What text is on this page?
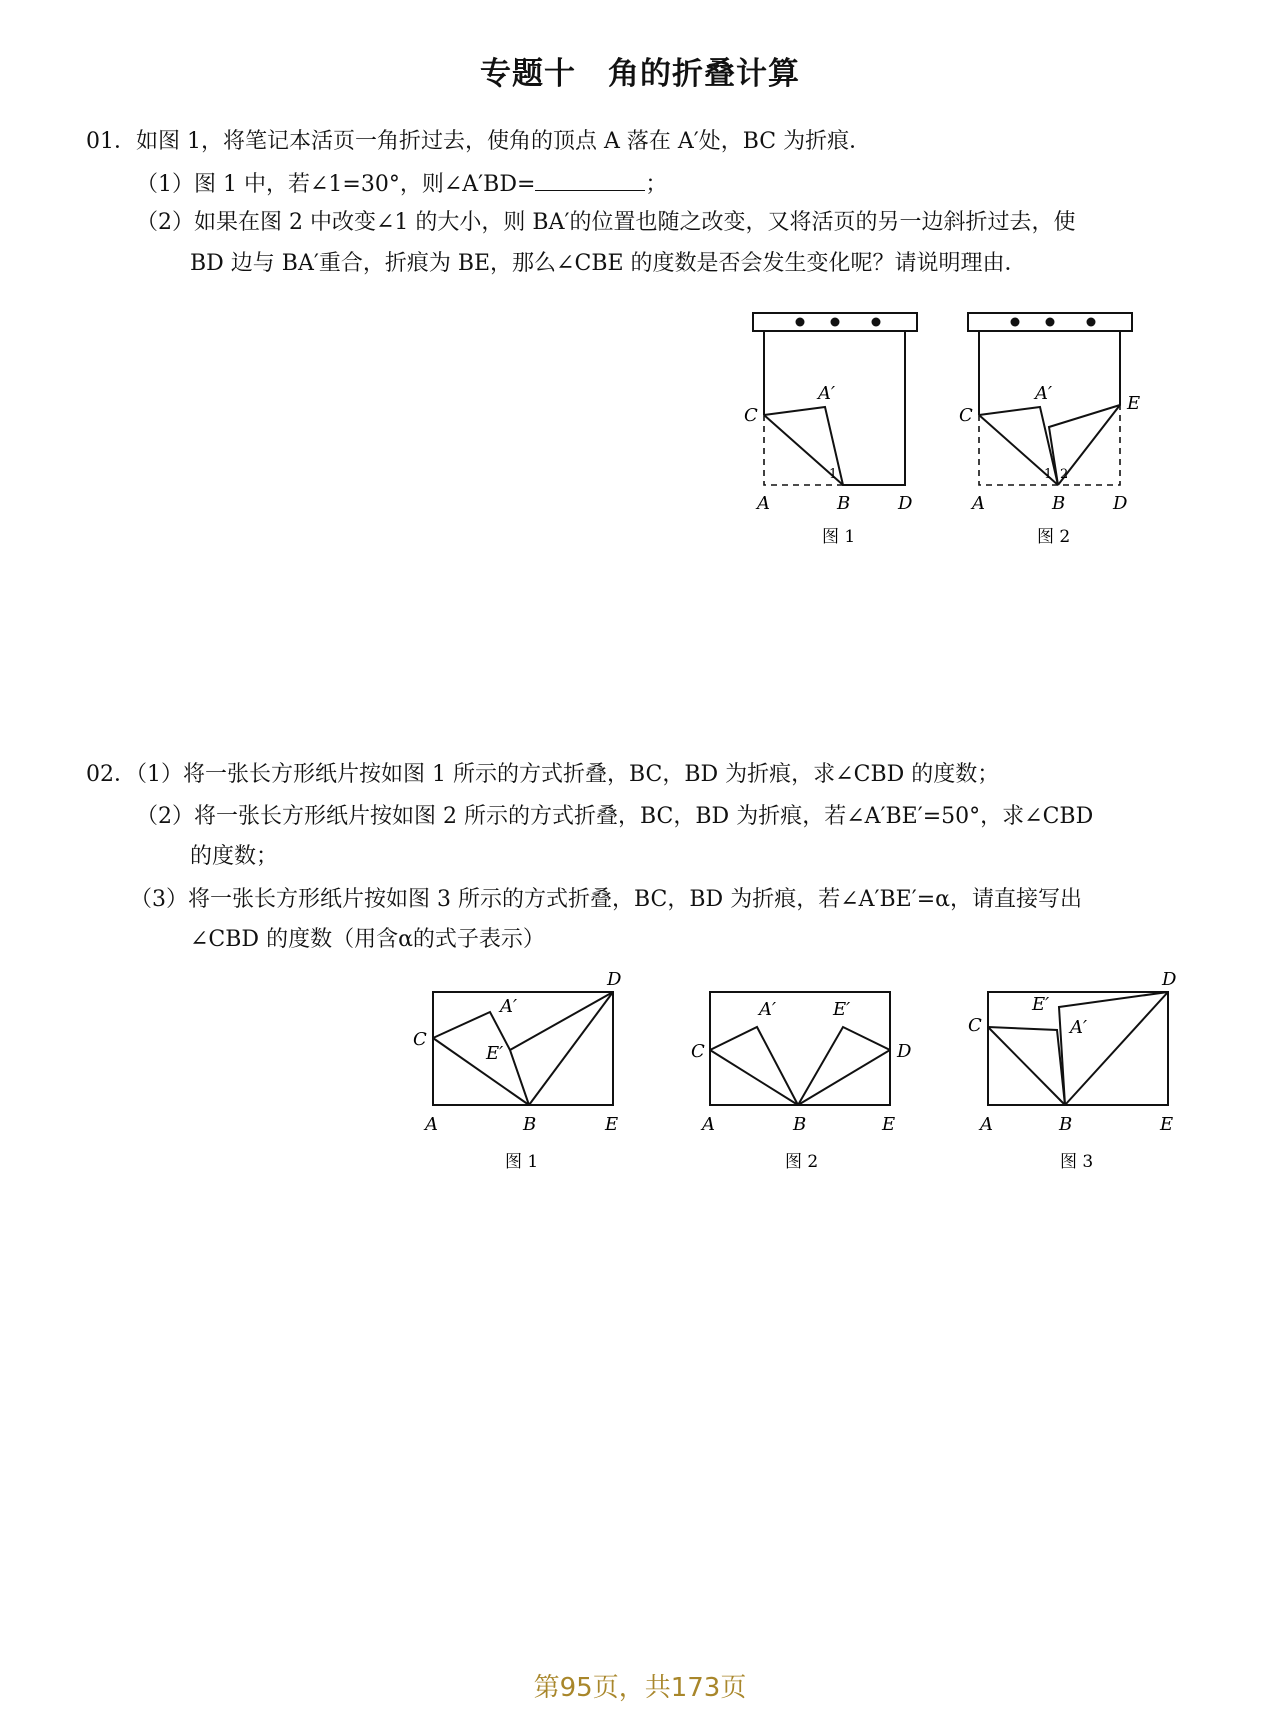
专题十　角的折叠计算
01．如图 1，将笔记本活页一角折过去，使角的顶点 A 落在 A′处，BC 为折痕．
（1）图 1 中，若∠1=30°，则∠A′BD=	；
（2）如果在图 2 中改变∠1 的大小，则 BA′的位置也随之改变，又将活页的另一边斜折过去，使
BD 边与 BA′重合，折痕为 BE，那么∠CBE 的度数是否会发生变化呢？请说明理由．
A′
C
1
A	B	D
图 1
A′
C
E
1 2
A	B	D
图 2
02．（1）将一张长方形纸片按如图 1 所示的方式折叠，BC，BD 为折痕，求∠CBD 的度数；
（2）将一张长方形纸片按如图 2 所示的方式折叠，BC，BD 为折痕，若∠A′BE′=50°，求∠CBD
的度数；
（3）将一张长方形纸片按如图 3 所示的方式折叠，BC，BD 为折痕，若∠A′BE′=α，请直接写出
∠CBD 的度数（用含α的式子表示）
A′
E′
C
D
A	B	E
图 1
A′	E′
C	D
A	B	E
图 2
E′
A′
C
D
A	B	E
图 3
第95页，共173页
